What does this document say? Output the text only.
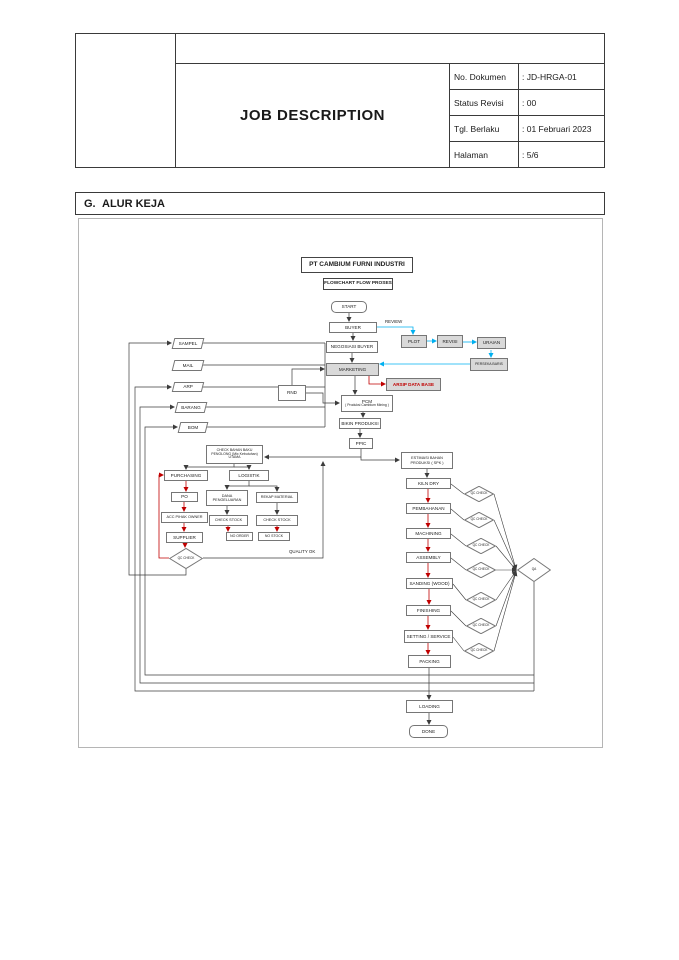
JOB DESCRIPTION
No. Dokumen	: JD-HRGA-01
Status Revisi	: 00
Tgl. Berlaku	: 01 Februari 2023
Halaman	: 5/6
G. ALUR KEJA
PT CAMBIUM FURNI INDUSTRI
FLOWCHART FLOW PROSES
START
BUYER
REVIEW
PLOT	REVISI	URAIAN
PERSEKA BARIS
NEGOSIASI BUYER
MARKETING
ARSIP DATA BASE
RND
PCM
( Produksi Cambium Mining )
BIKIN PRODUKSI
PPIC
SAMPEL
MAIL
ARP
BARANG
BOM
CHECK BAHAN BAKU PENOLONG (Mix Kebutuhan) UTAMA	ESTIMASI BAHAN PRODUKSI ( SPK )
PURCHASING	LOGISTIK
PO	DANA PENGELUARAN
REKAP MATERIAL
ACC PIHAK OWNER
CHECK STOCK	CHECK STOCK
SUPPLIER	NO ORDER	NO STOCK
QC CHECK
QUALITY OK
KILN DRY
PEMBAHANAN
MACHINING
ASSEMBLY
SANDING (WOOD)
FINISHING
SETTING / SERVICE
PACKING
QC CHECK
QC CHECK
QC CHECK
QC CHECK
QC CHECK
QC CHECK
QC CHECK
QA
LOADING
DONE
